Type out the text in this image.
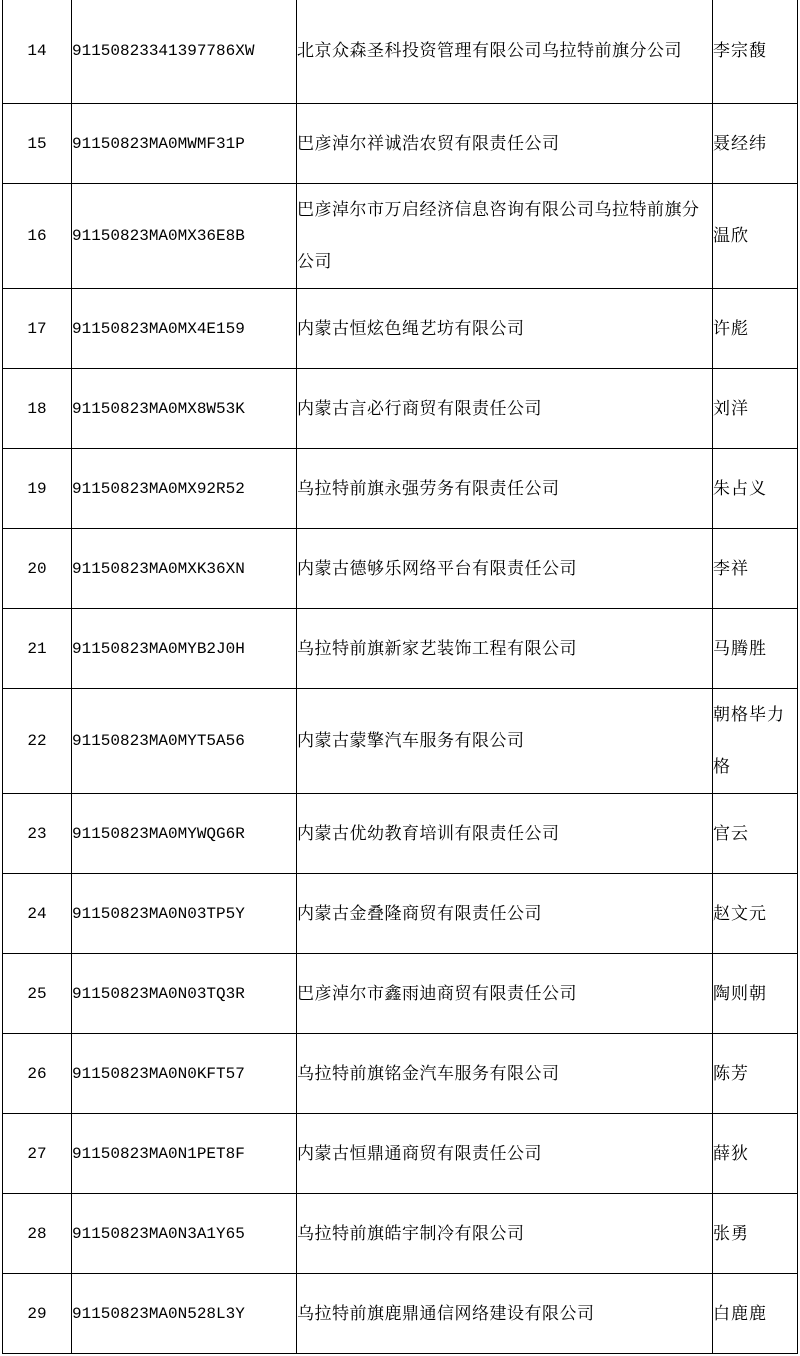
14	91150823341397786XW	北京众森圣科投资管理有限公司乌拉特前旗分公司	李宗馥
15	91150823MA0MWMF31P	巴彦淖尔祥诚浩农贸有限责任公司	聂经纬
16	91150823MA0MX36E8B	巴彦淖尔市万启经济信息咨询有限公司乌拉特前旗分公司	温欣
17	91150823MA0MX4E159	内蒙古恒炫色绳艺坊有限公司	许彪
18	91150823MA0MX8W53K	内蒙古言必行商贸有限责任公司	刘洋
19	91150823MA0MX92R52	乌拉特前旗永强劳务有限责任公司	朱占义
20	91150823MA0MXK36XN	内蒙古德够乐网络平台有限责任公司	李祥
21	91150823MA0MYB2J0H	乌拉特前旗新家艺装饰工程有限公司	马腾胜
22	91150823MA0MYT5A56	内蒙古蒙擎汽车服务有限公司	朝格毕力格
23	91150823MA0MYWQG6R	内蒙古优幼教育培训有限责任公司	官云
24	91150823MA0N03TP5Y	内蒙古金叠隆商贸有限责任公司	赵文元
25	91150823MA0N03TQ3R	巴彦淖尔市鑫雨迪商贸有限责任公司	陶则朝
26	91150823MA0N0KFT57	乌拉特前旗铭金汽车服务有限公司	陈芳
27	91150823MA0N1PET8F	内蒙古恒鼎通商贸有限责任公司	薛狄
28	91150823MA0N3A1Y65	乌拉特前旗皓宇制冷有限公司	张勇
29	91150823MA0N528L3Y	乌拉特前旗鹿鼎通信网络建设有限公司	白鹿鹿
